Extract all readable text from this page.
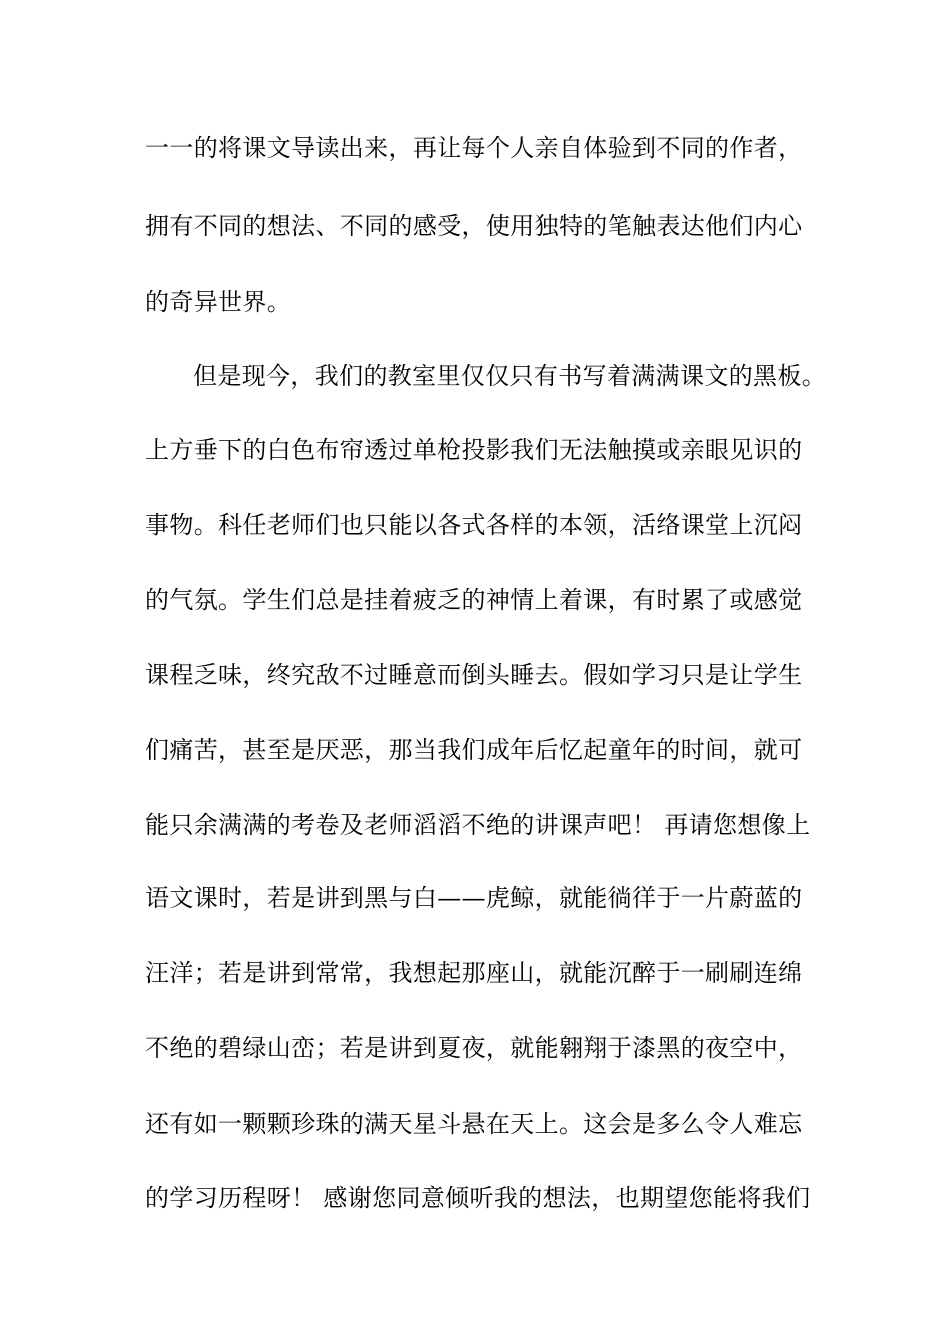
一一的将课文导读出来，再让每个人亲自体验到不同的作者，
拥有不同的想法、不同的感受，使用独特的笔触表达他们内心
的奇异世界。
但是现今，我们的教室里仅仅只有书写着满满课文的黑板。
上方垂下的白色布帘透过单枪投影我们无法触摸或亲眼见识的
事物。科任老师们也只能以各式各样的本领，活络课堂上沉闷
的气氛。学生们总是挂着疲乏的神情上着课，有时累了或感觉
课程乏味，终究敌不过睡意而倒头睡去。假如学习只是让学生
们痛苦，甚至是厌恶，那当我们成年后忆起童年的时间，就可
能只余满满的考卷及老师滔滔不绝的讲课声吧！ 再请您想像上
语文课时，若是讲到黑与白——虎鲸，就能徜徉于一片蔚蓝的
汪洋；若是讲到常常，我想起那座山，就能沉醉于一刷刷连绵
不绝的碧绿山峦；若是讲到夏夜，就能翱翔于漆黑的夜空中，
还有如一颗颗珍珠的满天星斗悬在天上。这会是多么令人难忘
的学习历程呀！ 感谢您同意倾听我的想法，也期望您能将我们
